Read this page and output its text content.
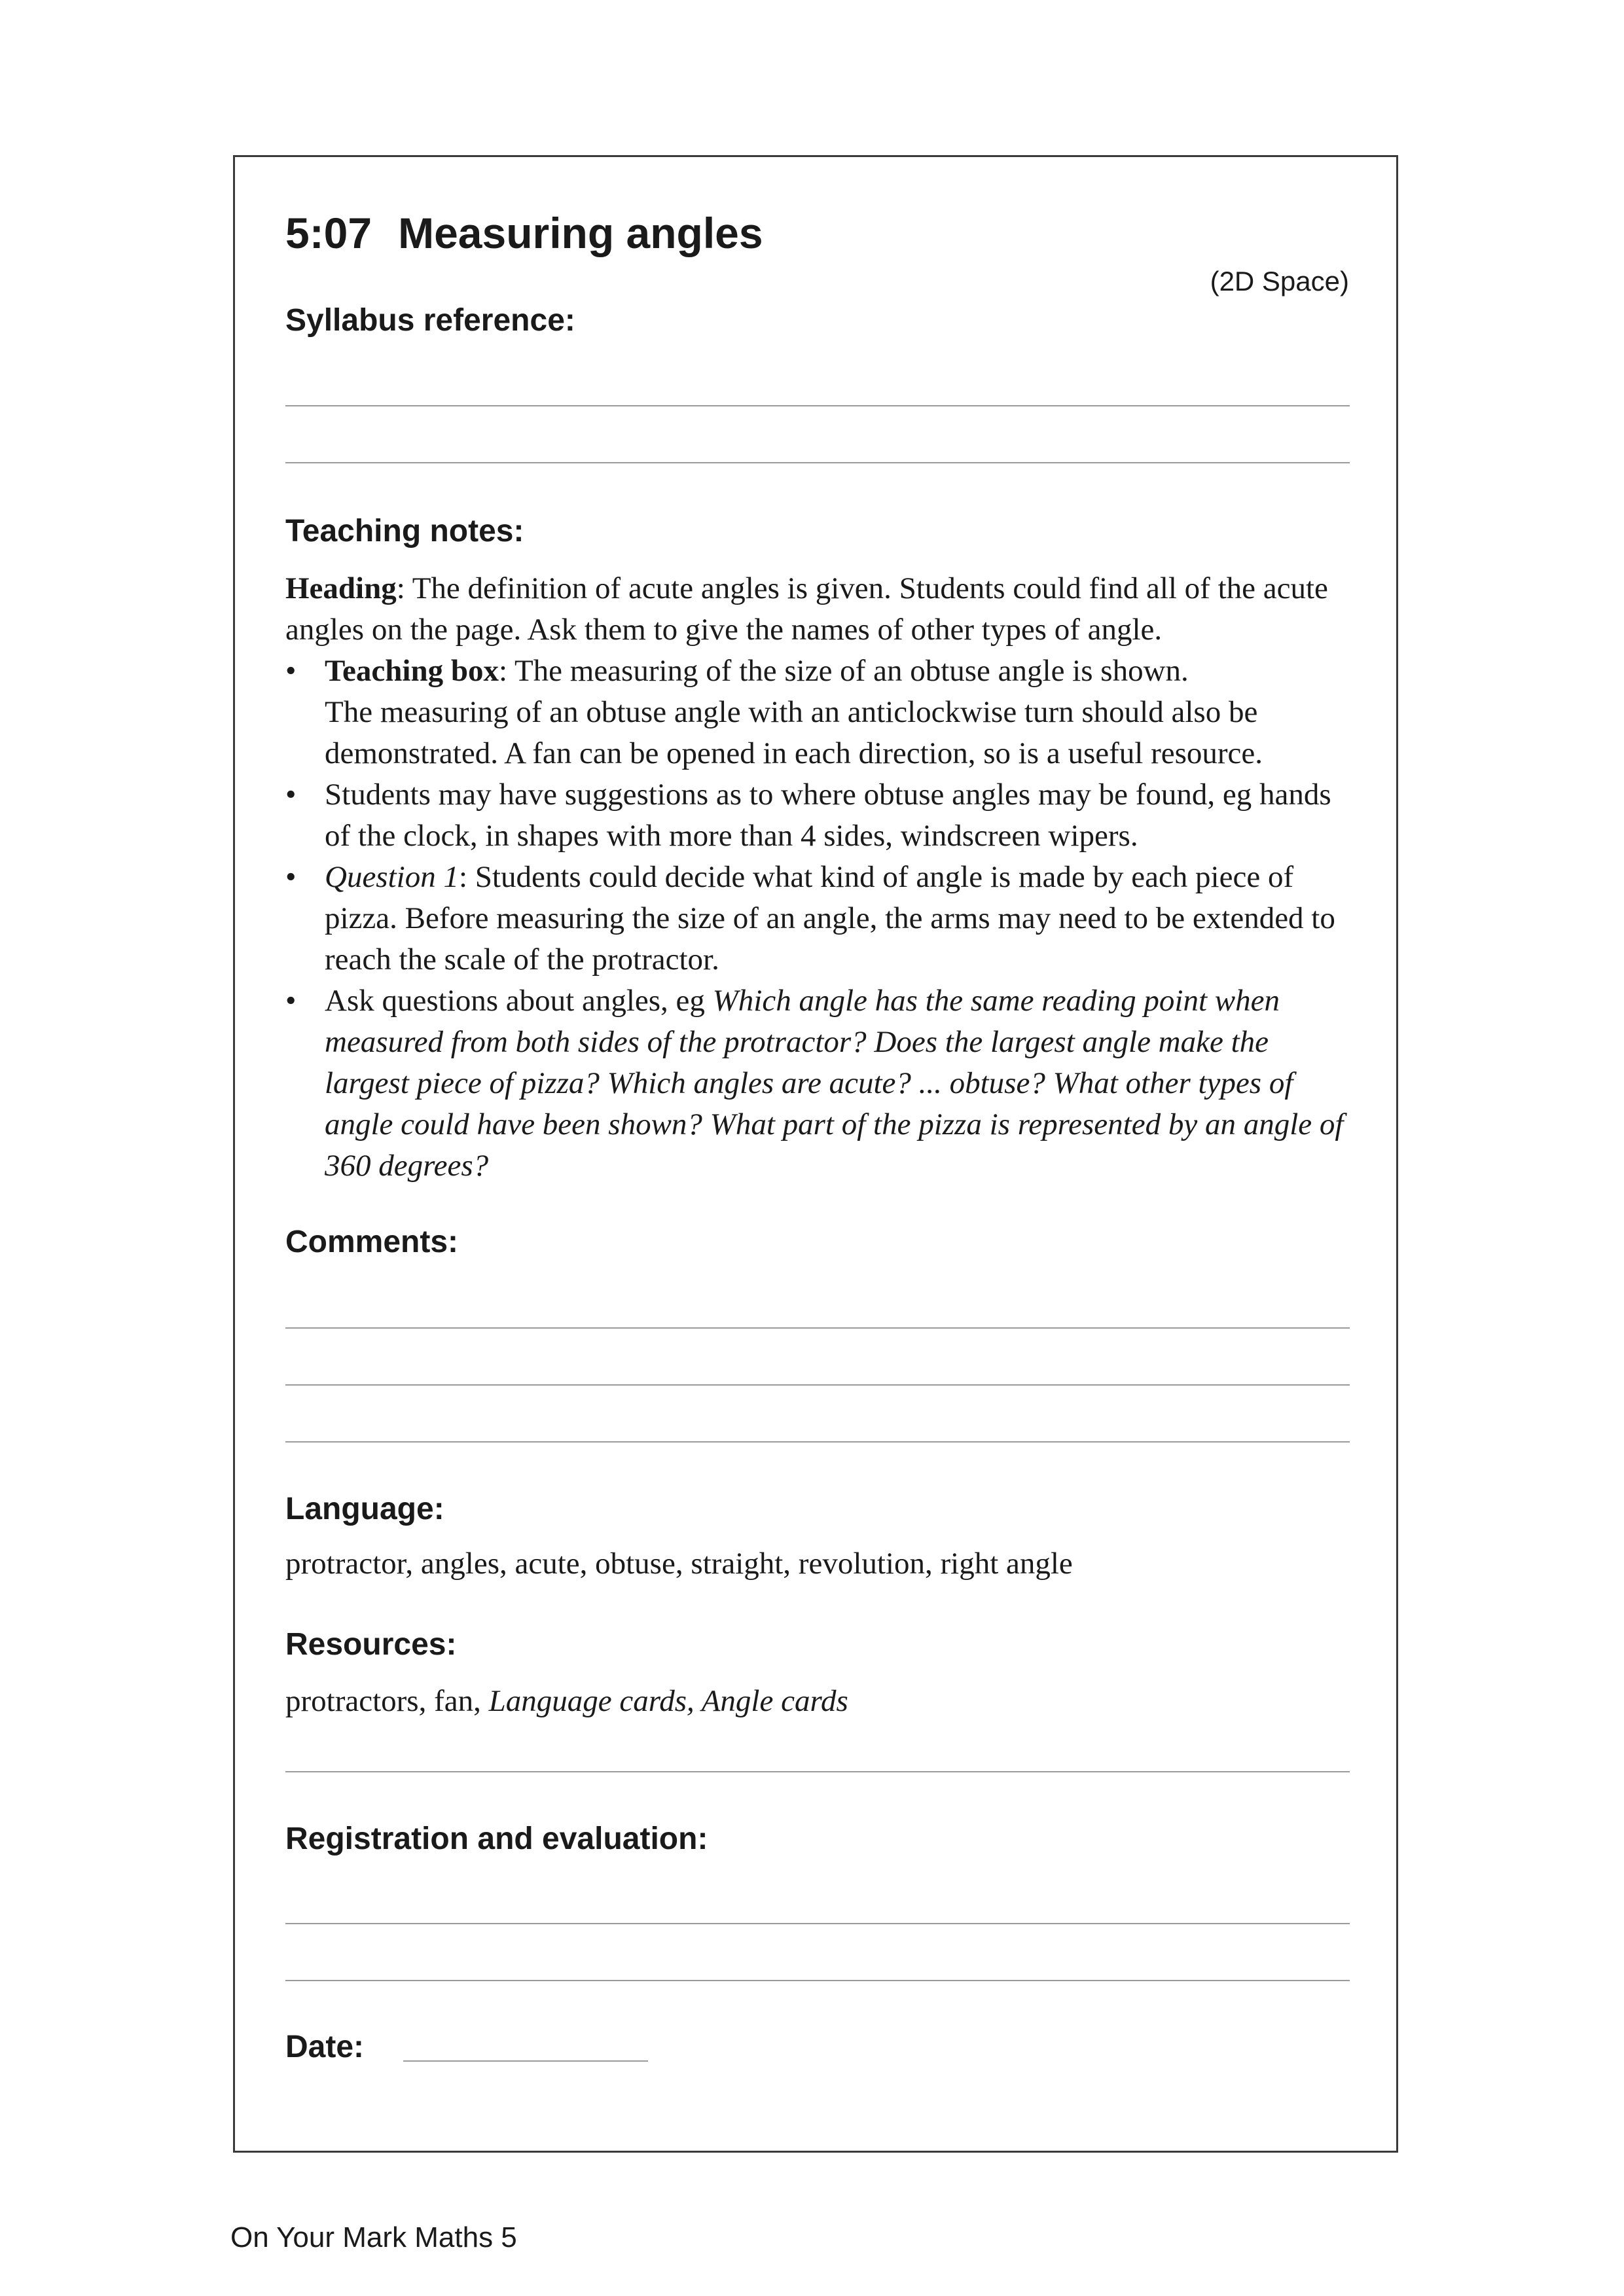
5:07 Measuring angles
(2D Space)
Syllabus reference:
Teaching notes:

Heading: The definition of acute angles is given. Students could find all of the acute angles on the page. Ask them to give the names of other types of angle.

• Teaching box: The measuring of the size of an obtuse angle is shown.
The measuring of an obtuse angle with an anticlockwise turn should also be demonstrated. A fan can be opened in each direction, so is a useful resource.
• Students may have suggestions as to where obtuse angles may be found, eg hands of the clock, in shapes with more than 4 sides, windscreen wipers.
• Question 1: Students could decide what kind of angle is made by each piece of pizza. Before measuring the size of an angle, the arms may need to be extended to reach the scale of the protractor.
• Ask questions about angles, eg Which angle has the same reading point when measured from both sides of the protractor? Does the largest angle make the largest piece of pizza? Which angles are acute? ... obtuse? What other types of angle could have been shown? What part of the pizza is represented by an angle of 360 degrees?
Comments:
Language:
protractor, angles, acute, obtuse, straight, revolution, right angle
Resources:
protractors, fan, Language cards, Angle cards
Registration and evaluation:
Date:
On Your Mark Maths 5
